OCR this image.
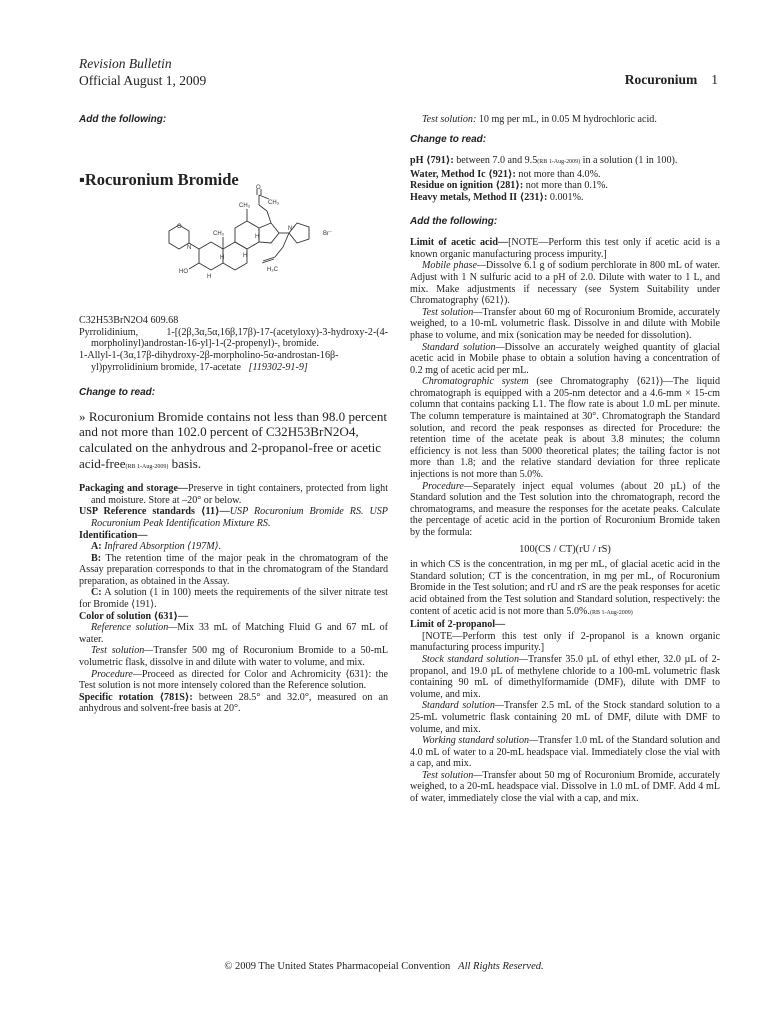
Revision Bulletin
Official August 1, 2009	Rocuronium 1
Add the following:
▪Rocuronium Bromide
O
N
HO
H
H	H
H
CH₃
CH₃	CH₃
O
N⁺
H₂C
Br⁻

C32H53BrN2O4 609.68

Pyrrolidinium, 1-[(2β,3α,5α,16β,17β)-17-(acetyloxy)-3-hydroxy-2-(4-morpholinyl)androstan-16-yl]-1-(2-propenyl)-, bromide.

1-Allyl-1-(3α,17β-dihydroxy-2β-morpholino-5α-androstan-16β-yl)pyrrolidinium bromide, 17-acetate [119302-91-9]

Change to read:

» Rocuronium Bromide contains not less than 98.0 percent and not more than 102.0 percent of C32H53BrN2O4, calculated on the anhydrous and 2-propanol-free or acetic acid-free(RB 1-Aug-2009) basis.

Packaging and storage—Preserve in tight containers, protected from light and moisture. Store at –20° or below.

USP Reference standards ⟨11⟩—USP Rocuronium Bromide RS. USP Rocuronium Peak Identification Mixture RS.

Identification—

A: Infrared Absorption ⟨197M⟩.

B: The retention time of the major peak in the chromatogram of the Assay preparation corresponds to that in the chromatogram of the Standard preparation, as obtained in the Assay.

C: A solution (1 in 100) meets the requirements of the silver nitrate test for Bromide ⟨191⟩.

Color of solution ⟨631⟩—

Reference solution—Mix 33 mL of Matching Fluid G and 67 mL of water.

Test solution—Transfer 500 mg of Rocuronium Bromide to a 50-mL volumetric flask, dissolve in and dilute with water to volume, and mix.

Procedure—Proceed as directed for Color and Achromicity ⟨631⟩: the Test solution is not more intensely colored than the Reference solution.

Specific rotation ⟨781S⟩: between 28.5° and 32.0°, measured on an anhydrous and solvent-free basis at 20°.

Test solution: 10 mg per mL, in 0.05 M hydrochloric acid.

Change to read:

pH ⟨791⟩: between 7.0 and 9.5(RB 1-Aug-2009) in a solution (1 in 100).

Water, Method Ic ⟨921⟩: not more than 4.0%.

Residue on ignition ⟨281⟩: not more than 0.1%.

Heavy metals, Method II ⟨231⟩: 0.001%.

Add the following:

Limit of acetic acid—[NOTE—Perform this test only if acetic acid is a known organic manufacturing process impurity.]

Mobile phase—Dissolve 6.1 g of sodium perchlorate in 800 mL of water. Adjust with 1 N sulfuric acid to a pH of 2.0. Dilute with water to 1 L, and mix. Make adjustments if necessary (see System Suitability under Chromatography ⟨621⟩).

Test solution—Transfer about 60 mg of Rocuronium Bromide, accurately weighed, to a 10-mL volumetric flask. Dissolve in and dilute with Mobile phase to volume, and mix (sonication may be needed for dissolution).

Standard solution—Dissolve an accurately weighed quantity of glacial acetic acid in Mobile phase to obtain a solution having a concentration of 0.2 mg of acetic acid per mL.

Chromatographic system (see Chromatography ⟨621⟩)—The liquid chromatograph is equipped with a 205-nm detector and a 4.6-mm × 15-cm column that contains packing L1. The flow rate is about 1.0 mL per minute. The column temperature is maintained at 30°. Chromatograph the Standard solution, and record the peak responses as directed for Procedure: the retention time of the acetate peak is about 3.8 minutes; the column efficiency is not less than 5000 theoretical plates; the tailing factor is not more than 1.8; and the relative standard deviation for three replicate injections is not more than 5.0%.

Procedure—Separately inject equal volumes (about 20 µL) of the Standard solution and the Test solution into the chromatograph, record the chromatograms, and measure the responses for the acetate peaks. Calculate the percentage of acetic acid in the portion of Rocuronium Bromide taken by the formula:

100(CS / CT)(rU / rS)

in which CS is the concentration, in mg per mL, of glacial acetic acid in the Standard solution; CT is the concentration, in mg per mL, of Rocuronium Bromide in the Test solution; and rU and rS are the peak responses for acetic acid obtained from the Test solution and Standard solution, respectively: the content of acetic acid is not more than 5.0%.(RB 1-Aug-2009)

Limit of 2-propanol—

[NOTE—Perform this test only if 2-propanol is a known organic manufacturing process impurity.]

Stock standard solution—Transfer 35.0 µL of ethyl ether, 32.0 µL of 2-propanol, and 19.0 µL of methylene chloride to a 100-mL volumetric flask containing 90 mL of dimethylformamide (DMF), dilute with DMF to volume, and mix.

Standard solution—Transfer 2.5 mL of the Stock standard solution to a 25-mL volumetric flask containing 20 mL of DMF, dilute with DMF to volume, and mix.

Working standard solution—Transfer 1.0 mL of the Standard solution and 4.0 mL of water to a 20-mL headspace vial. Immediately close the vial with a cap, and mix.

Test solution—Transfer about 50 mg of Rocuronium Bromide, accurately weighed, to a 20-mL headspace vial. Dissolve in 1.0 mL of DMF. Add 4 mL of water, immediately close the vial with a cap, and mix.

© 2009 The United States Pharmacopeial Convention All Rights Reserved.
